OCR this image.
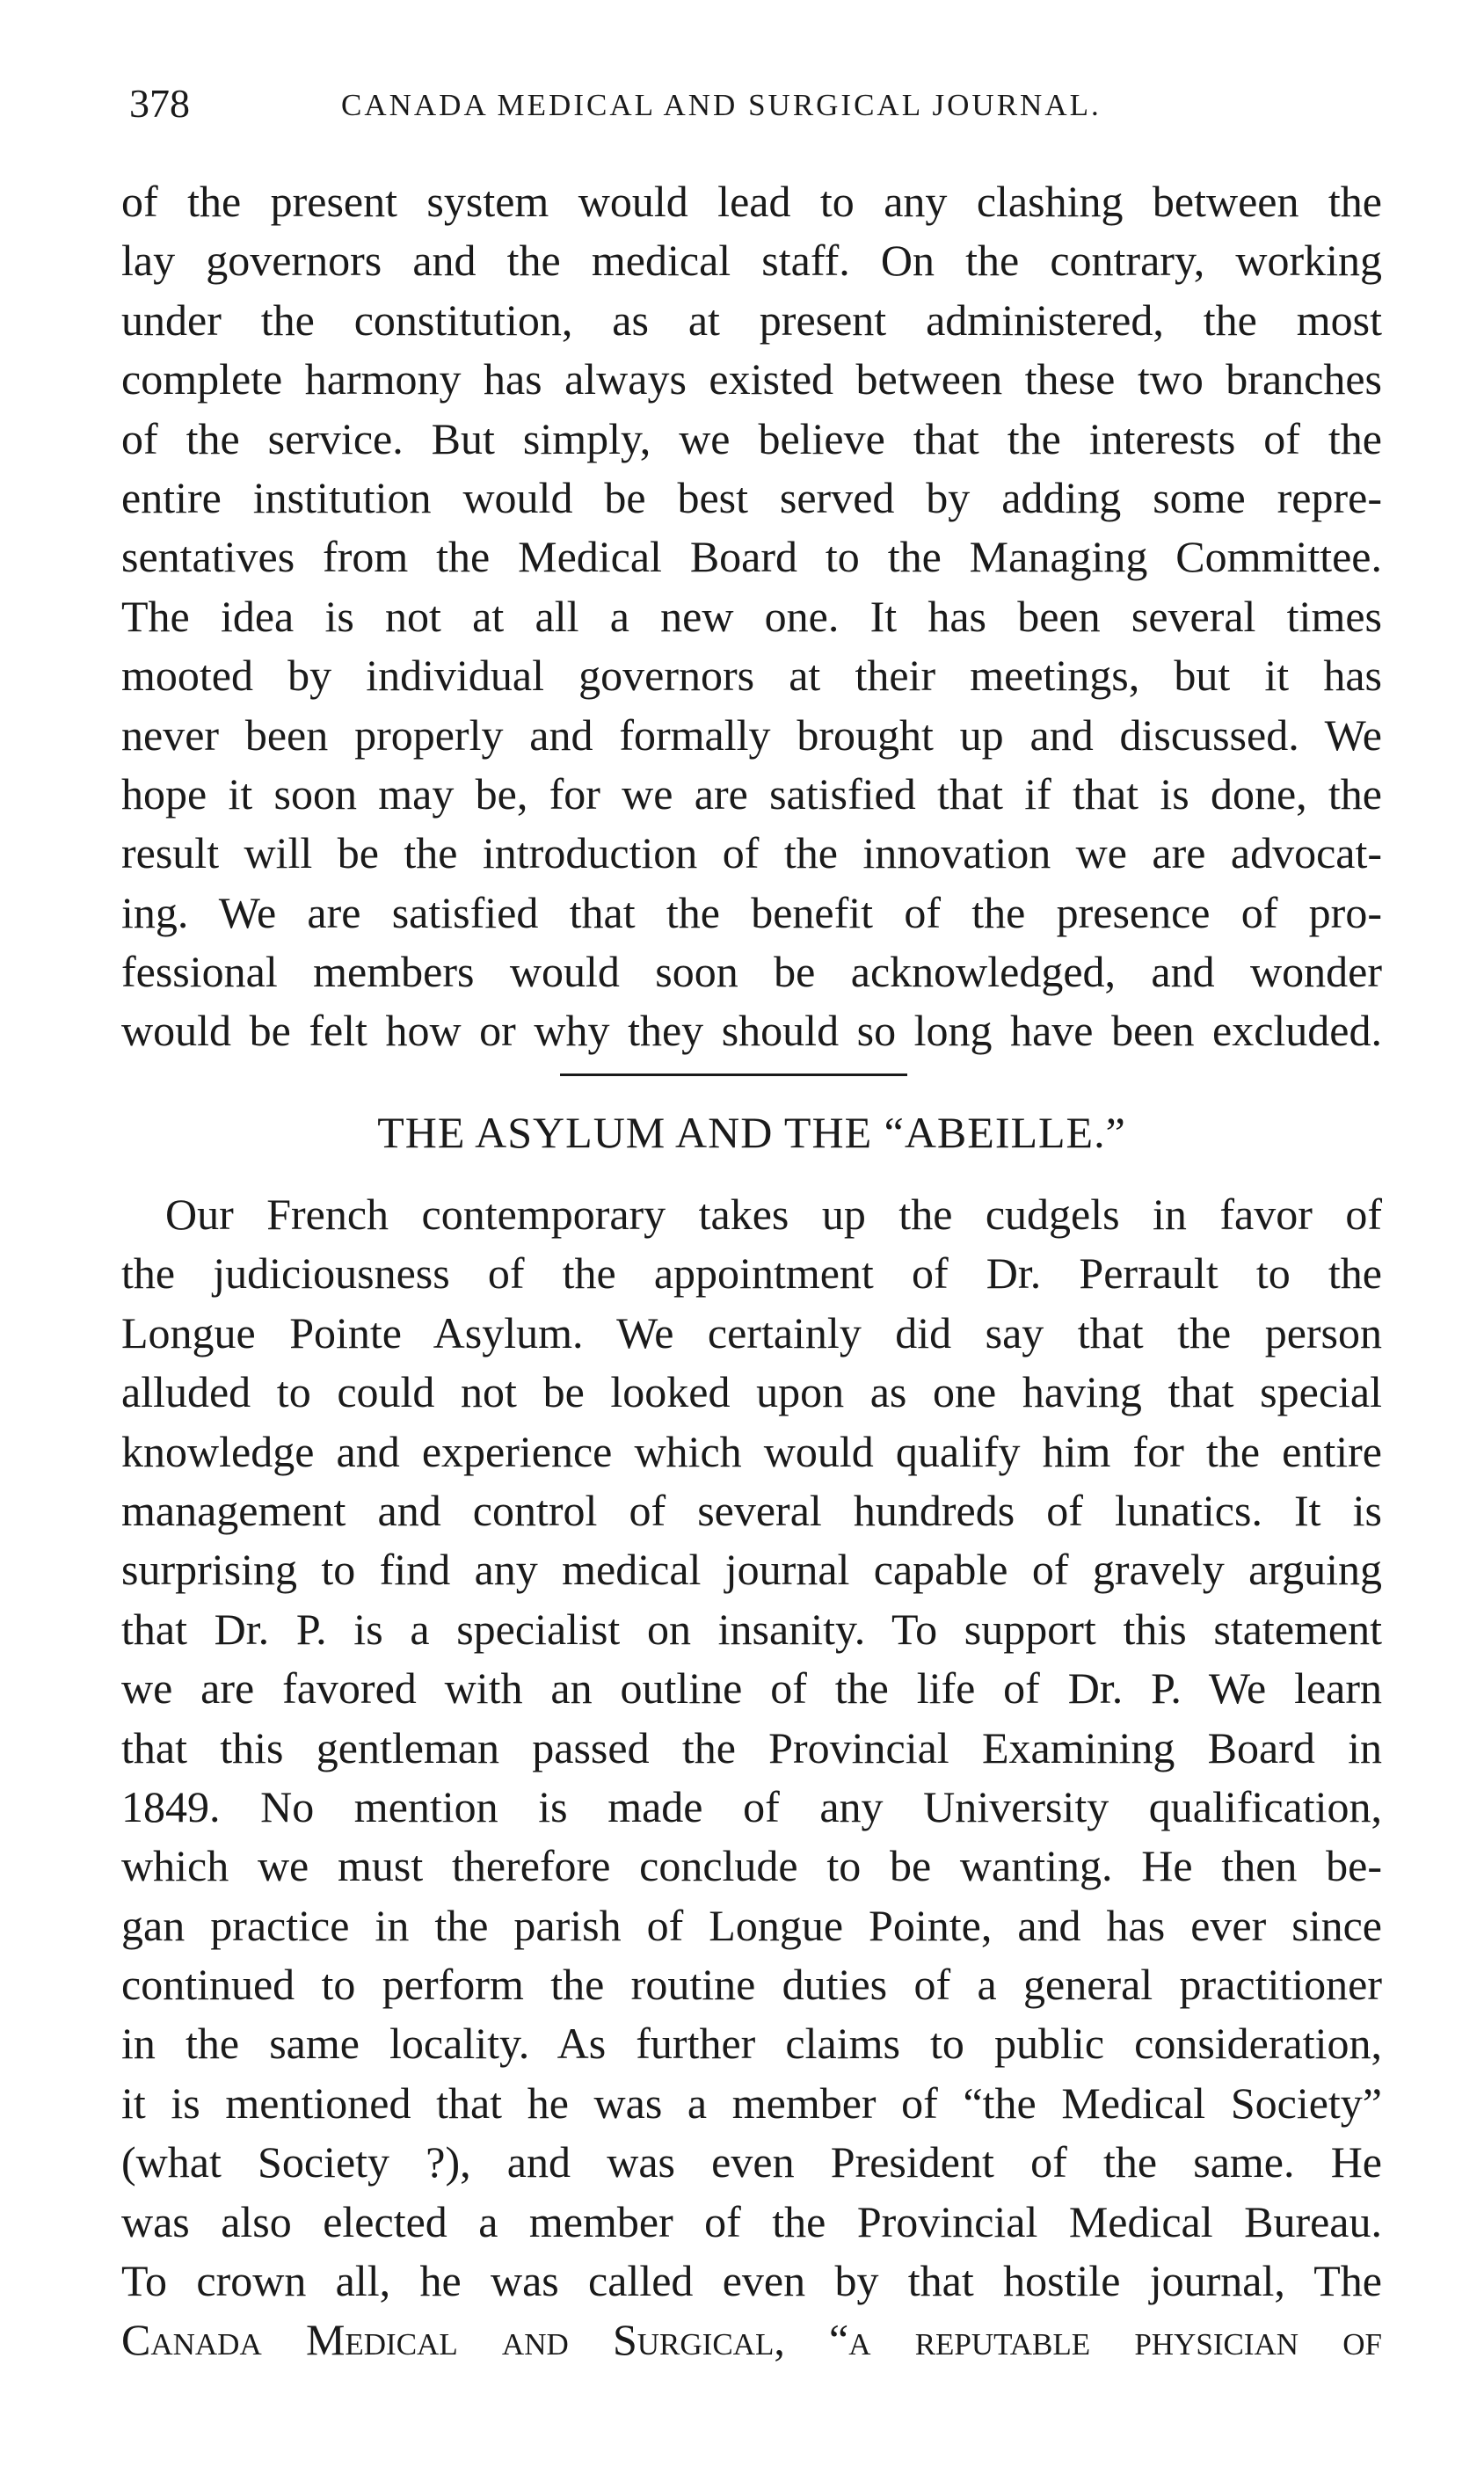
378	CANADA MEDICAL AND SURGICAL JOURNAL.
of the present system would lead to any clashing between the
lay governors and the medical staff. On the contrary, working
under the constitution, as at present administered, the most
complete harmony has always existed between these two branches
of the service. But simply, we believe that the interests of the
entire institution would be best served by adding some repre-
sentatives from the Medical Board to the Managing Committee.
The idea is not at all a new one. It has been several times
mooted by individual governors at their meetings, but it has
never been properly and formally brought up and discussed. We
hope it soon may be, for we are satisfied that if that is done, the
result will be the introduction of the innovation we are advocat-
ing. We are satisfied that the benefit of the presence of pro-
fessional members would soon be acknowledged, and wonder
would be felt how or why they should so long have been excluded.
THE ASYLUM AND THE “ABEILLE.”
Our French contemporary takes up the cudgels in favor of
the judiciousness of the appointment of Dr. Perrault to the
Longue Pointe Asylum. We certainly did say that the person
alluded to could not be looked upon as one having that special
knowledge and experience which would qualify him for the entire
management and control of several hundreds of lunatics. It is
surprising to find any medical journal capable of gravely arguing
that Dr. P. is a specialist on insanity. To support this statement
we are favored with an outline of the life of Dr. P. We learn
that this gentleman passed the Provincial Examining Board in
1849. No mention is made of any University qualification,
which we must therefore conclude to be wanting. He then be-
gan practice in the parish of Longue Pointe, and has ever since
continued to perform the routine duties of a general practitioner
in the same locality. As further claims to public consideration,
it is mentioned that he was a member of “the Medical Society”
(what Society ?), and was even President of the same. He
was also elected a member of the Provincial Medical Bureau.
To crown all, he was called even by that hostile journal, The
Canada Medical and Surgical, “a reputable physician of
